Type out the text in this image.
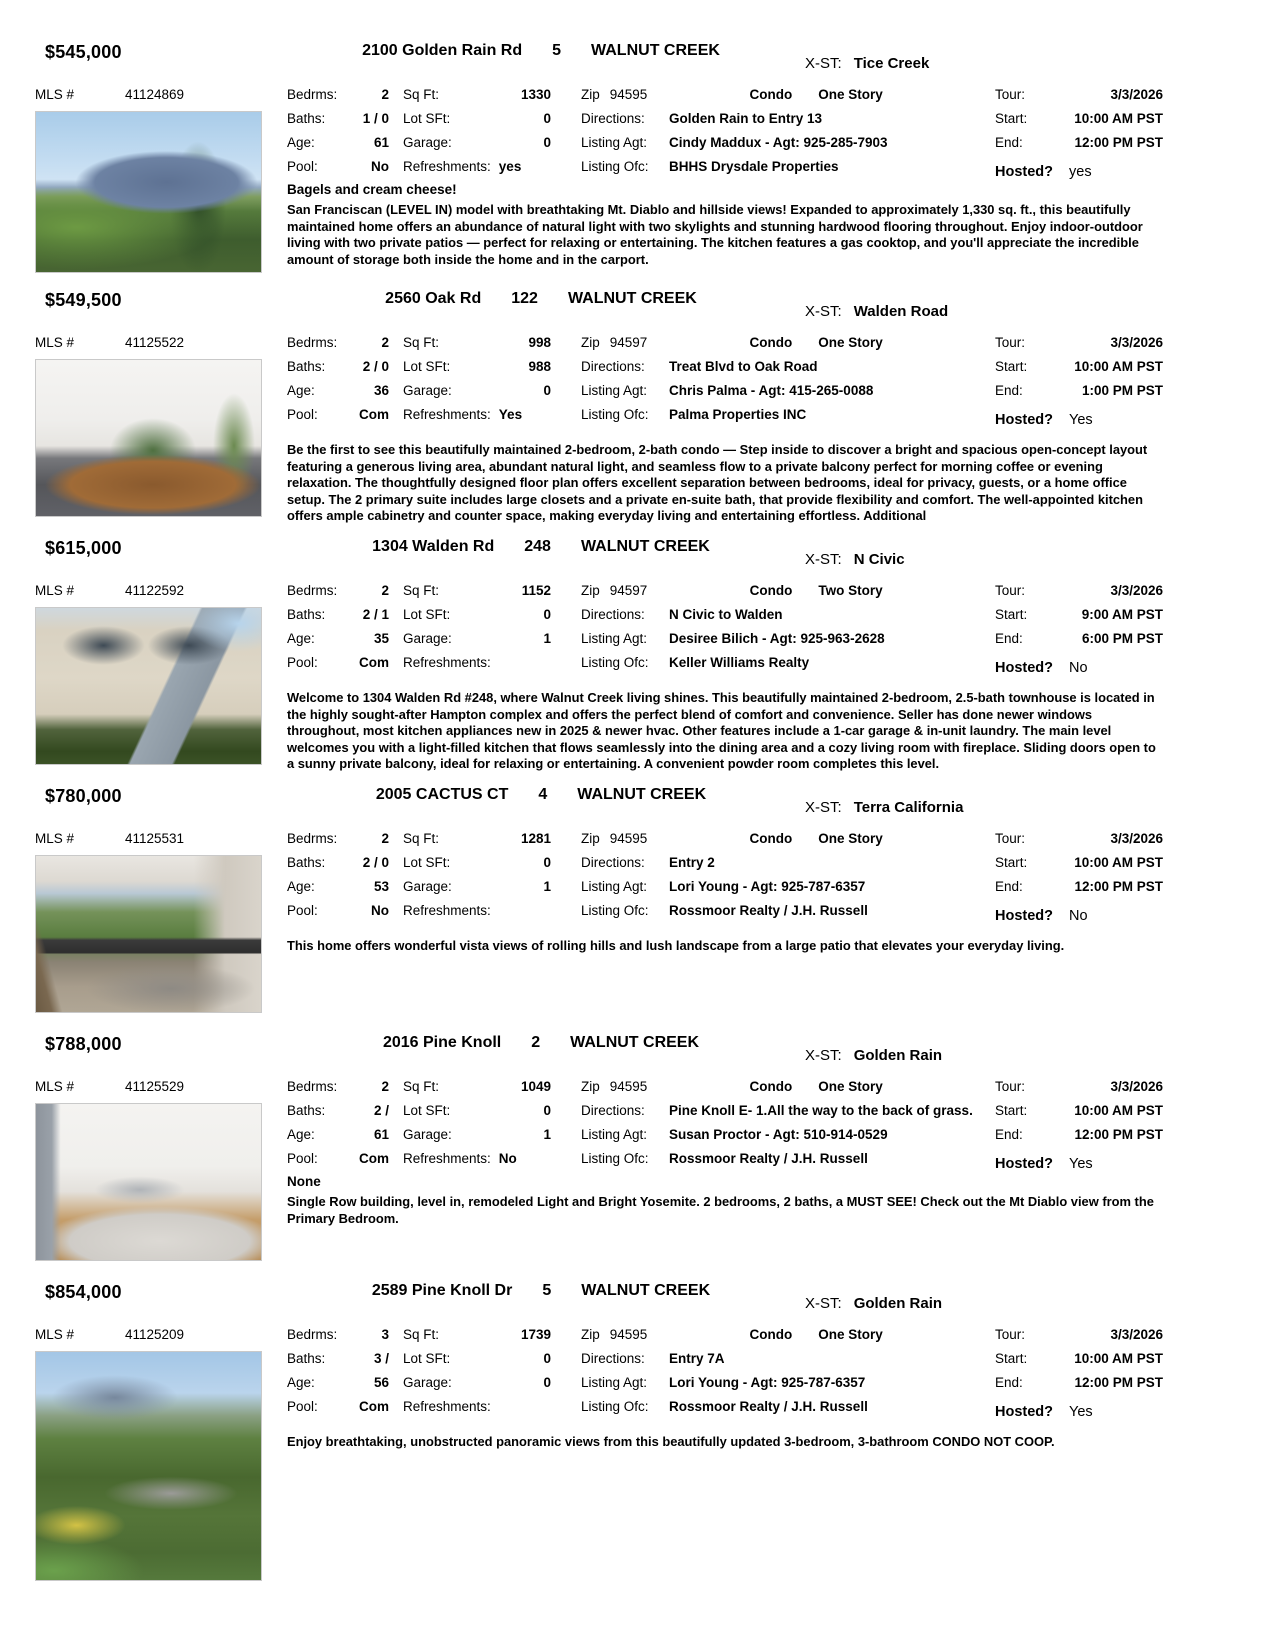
$545,000	2100 Golden Rain Rd 5 WALNUT CREEK
X-ST: Tice Creek
MLS #	41124869	Bedrms:	2 Sq Ft:	1330 Zip 94595	Condo One Story	Tour:	3/3/2026
Baths:	1 / 0 Lot SFt:	0 Directions:	Golden Rain to Entry 13	Start:	10:00 AM PST
Age:	61 Garage:	0 Listing Agt:	Cindy Maddux - Agt: 925-285-7903	End:	12:00 PM PST
Pool:	No Refreshments: yes	Listing Ofc:	BHHS Drysdale Properties	Hosted? yes
Bagels and cream cheese!

San Franciscan (LEVEL IN) model with breathtaking Mt. Diablo and hillside views! Expanded to approximately 1,330 sq. ft., this beautifully maintained home offers an abundance of natural light with two skylights and stunning hardwood flooring throughout. Enjoy indoor-outdoor living with two private patios — perfect for relaxing or entertaining. The kitchen features a gas cooktop, and you'll appreciate the incredible amount of storage both inside the home and in the carport.

$549,500	2560 Oak Rd 122 WALNUT CREEK
X-ST: Walden Road
MLS #	41125522	Bedrms:	2 Sq Ft:	998 Zip 94597	Condo One Story	Tour:	3/3/2026
Baths:	2 / 0 Lot SFt:	988 Directions:	Treat Blvd to Oak Road	Start:	10:00 AM PST
Age:	36 Garage:	0 Listing Agt:	Chris Palma - Agt: 415-265-0088	End:	1:00 PM PST
Pool:	Com Refreshments: Yes	Listing Ofc:	Palma Properties INC	Hosted? Yes

Be the first to see this beautifully maintained 2-bedroom, 2-bath condo — Step inside to discover a bright and spacious open-concept layout featuring a generous living area, abundant natural light, and seamless flow to a private balcony perfect for morning coffee or evening relaxation. The thoughtfully designed floor plan offers excellent separation between bedrooms, ideal for privacy, guests, or a home office setup. The 2 primary suite includes large closets and a private en-suite bath, that provide flexibility and comfort. The well-appointed kitchen offers ample cabinetry and counter space, making everyday living and entertaining effortless. Additional

$615,000	1304 Walden Rd 248 WALNUT CREEK
X-ST: N Civic
MLS #	41122592	Bedrms:	2 Sq Ft:	1152 Zip 94597	Condo Two Story	Tour:	3/3/2026
Baths:	2 / 1 Lot SFt:	0 Directions:	N Civic to Walden	Start:	9:00 AM PST
Age:	35 Garage:	1 Listing Agt:	Desiree Bilich - Agt: 925-963-2628	End:	6:00 PM PST
Pool:	Com Refreshments:	Listing Ofc:	Keller Williams Realty	Hosted? No

Welcome to 1304 Walden Rd #248, where Walnut Creek living shines. This beautifully maintained 2-bedroom, 2.5-bath townhouse is located in the highly sought-after Hampton complex and offers the perfect blend of comfort and convenience. Seller has done newer windows throughout, most kitchen appliances new in 2025 & newer hvac. Other features include a 1-car garage & in-unit laundry. The main level welcomes you with a light-filled kitchen that flows seamlessly into the dining area and a cozy living room with fireplace. Sliding doors open to a sunny private balcony, ideal for relaxing or entertaining. A convenient powder room completes this level.

$780,000	2005 CACTUS CT 4 WALNUT CREEK
X-ST: Terra California
MLS #	41125531	Bedrms:	2 Sq Ft:	1281 Zip 94595	Condo One Story	Tour:	3/3/2026
Baths:	2 / 0 Lot SFt:	0 Directions:	Entry 2	Start:	10:00 AM PST
Age:	53 Garage:	1 Listing Agt:	Lori Young - Agt: 925-787-6357	End:	12:00 PM PST
Pool:	No Refreshments:	Listing Ofc:	Rossmoor Realty / J.H. Russell	Hosted? No

This home offers wonderful vista views of rolling hills and lush landscape from a large patio that elevates your everyday living.

$788,000	2016 Pine Knoll 2 WALNUT CREEK
X-ST: Golden Rain
MLS #	41125529	Bedrms:	2 Sq Ft:	1049 Zip 94595	Condo One Story	Tour:	3/3/2026
Baths:	2 / Lot SFt:	0 Directions:	Pine Knoll E- 1.All the way to the back of grass. Start:	10:00 AM PST
Age:	61 Garage:	1 Listing Agt:	Susan Proctor - Agt: 510-914-0529	End:	12:00 PM PST
Pool:	Com Refreshments: No	Listing Ofc:	Rossmoor Realty / J.H. Russell	Hosted? Yes
None

Single Row building, level in, remodeled Light and Bright Yosemite. 2 bedrooms, 2 baths, a MUST SEE! Check out the Mt Diablo view from the Primary Bedroom.

$854,000	2589 Pine Knoll Dr 5 WALNUT CREEK
X-ST: Golden Rain
MLS #	41125209	Bedrms:	3 Sq Ft:	1739 Zip 94595	Condo One Story	Tour:	3/3/2026
Baths:	3 / Lot SFt:	0 Directions:	Entry 7A	Start:	10:00 AM PST
Age:	56 Garage:	0 Listing Agt:	Lori Young - Agt: 925-787-6357	End:	12:00 PM PST
Pool:	Com Refreshments:	Listing Ofc:	Rossmoor Realty / J.H. Russell	Hosted? Yes

Enjoy breathtaking, unobstructed panoramic views from this beautifully updated 3-bedroom, 3-bathroom CONDO NOT COOP.
